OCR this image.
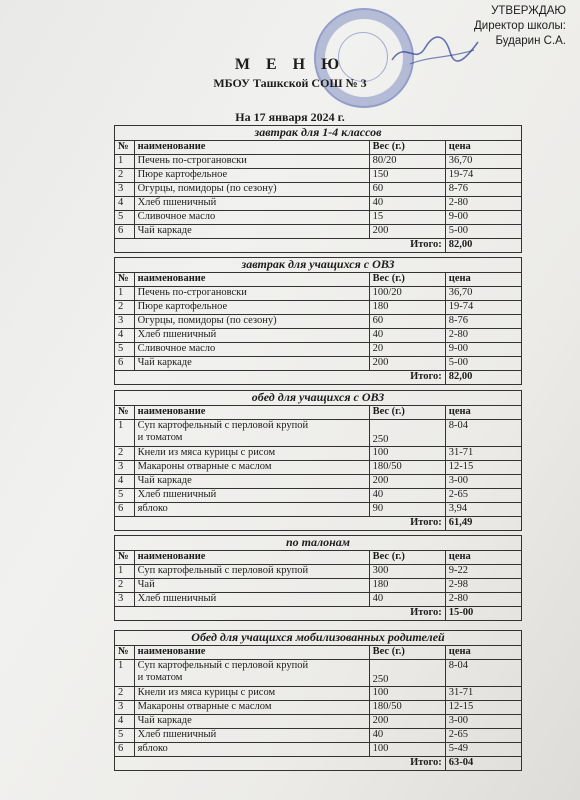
УТВЕРЖДАЮ
Директор школы:
Бударин С.А.
М Е Н Ю
МБОУ Ташкской СОШ № 3
На 17 января 2024 г.
завтрак для 1-4 классов			
№	наименование	Вес (г.)	цена
1	Печень по-строгановски	80/20	36,70
2	Пюре картофельное	150	19-74
3	Огурцы, помидоры (по сезону)	60	8-76
4	Хлеб пшеничный	40	2-80
5	Сливочное масло	15	9-00
6	Чай каркаде	200	5-00
Итого:			82,00
завтрак для учащихся с ОВЗ			
№	наименование	Вес (г.)	цена
1	Печень по-строгановски	100/20	36,70
2	Пюре картофельное	180	19-74
3	Огурцы, помидоры (по сезону)	60	8-76
4	Хлеб пшеничный	40	2-80
5	Сливочное масло	20	9-00
6	Чай каркаде	200	5-00
Итого:			82,00
обед для учащихся с ОВЗ			
№	наименование	Вес (г.)	цена
1	Суп картофельный с перловой крупой
и томатом	250	8-04
2	Кнели из мяса курицы с рисом	100	31-71
3	Макароны отварные с маслом	180/50	12-15
4	Чай каркаде	200	3-00
5	Хлеб пшеничный	40	2-65
6	яблоко	90	3,94
Итого:			61,49
по талонам			
№	наименование	Вес (г.)	цена
1	Суп картофельный с перловой крупой	300	9-22
2	Чай	180	2-98
3	Хлеб пшеничный	40	2-80
Итого:			15-00
Обед для учащихся мобилизованных родителей			
№	наименование	Вес (г.)	цена
1	Суп картофельный с перловой крупой
и томатом	250	8-04
2	Кнели из мяса курицы с рисом	100	31-71
3	Макароны отварные с маслом	180/50	12-15
4	Чай каркаде	200	3-00
5	Хлеб пшеничный	40	2-65
6	яблоко	100	5-49
Итого:			63-04
